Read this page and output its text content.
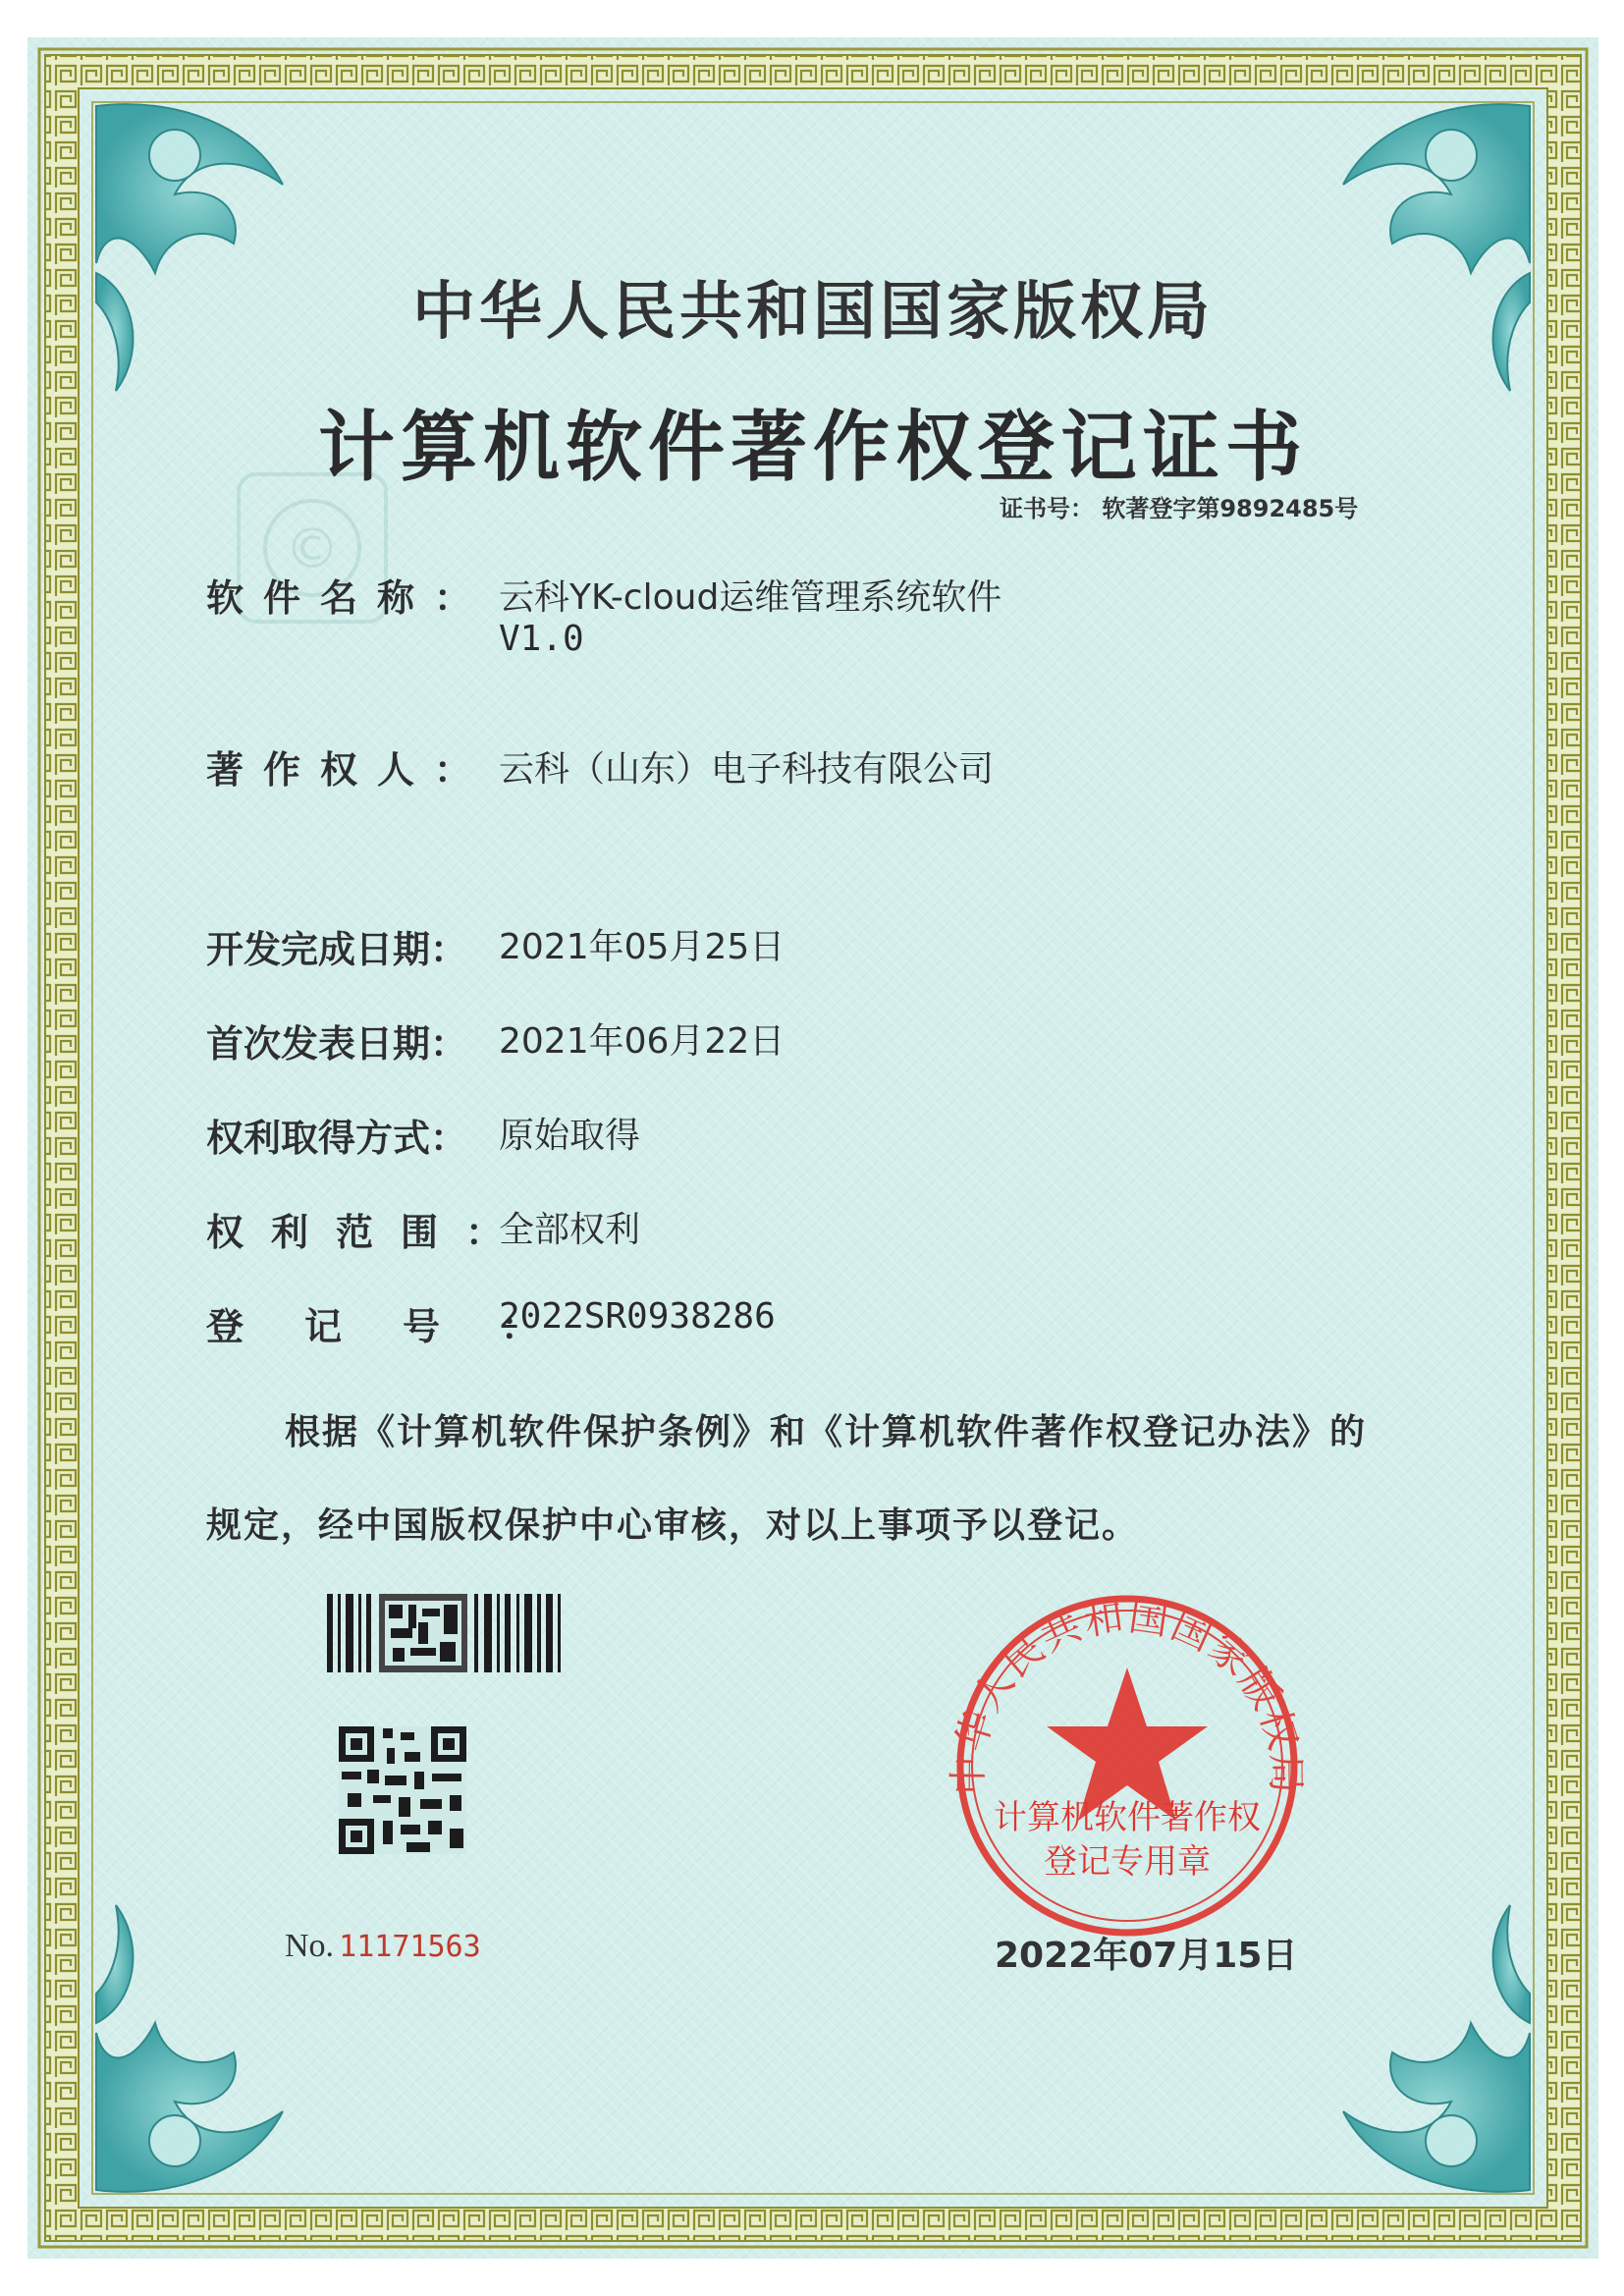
©
中华人民共和国国家版权局
中华人民共和国国家版权局
计算机软件著作权登记证书
证书号： 软著登字第9892485号
软件名称： 云科YK-cloud运维管理系统软件
V1.0
著作权人： 云科（山东）电子科技有限公司
开发完成日期： 2021年05月25日
首次发表日期： 2021年06月22日
权利取得方式： 原始取得
权利范围：
全部权利
登记号：
2022SR0938286
根据《计算机软件保护条例》和《计算机软件著作权登记办法》的
规定，经中国版权保护中心审核，对以上事项予以登记。
No. 11171563
计算机软件著作权
登记专用章
2022年07月15日
